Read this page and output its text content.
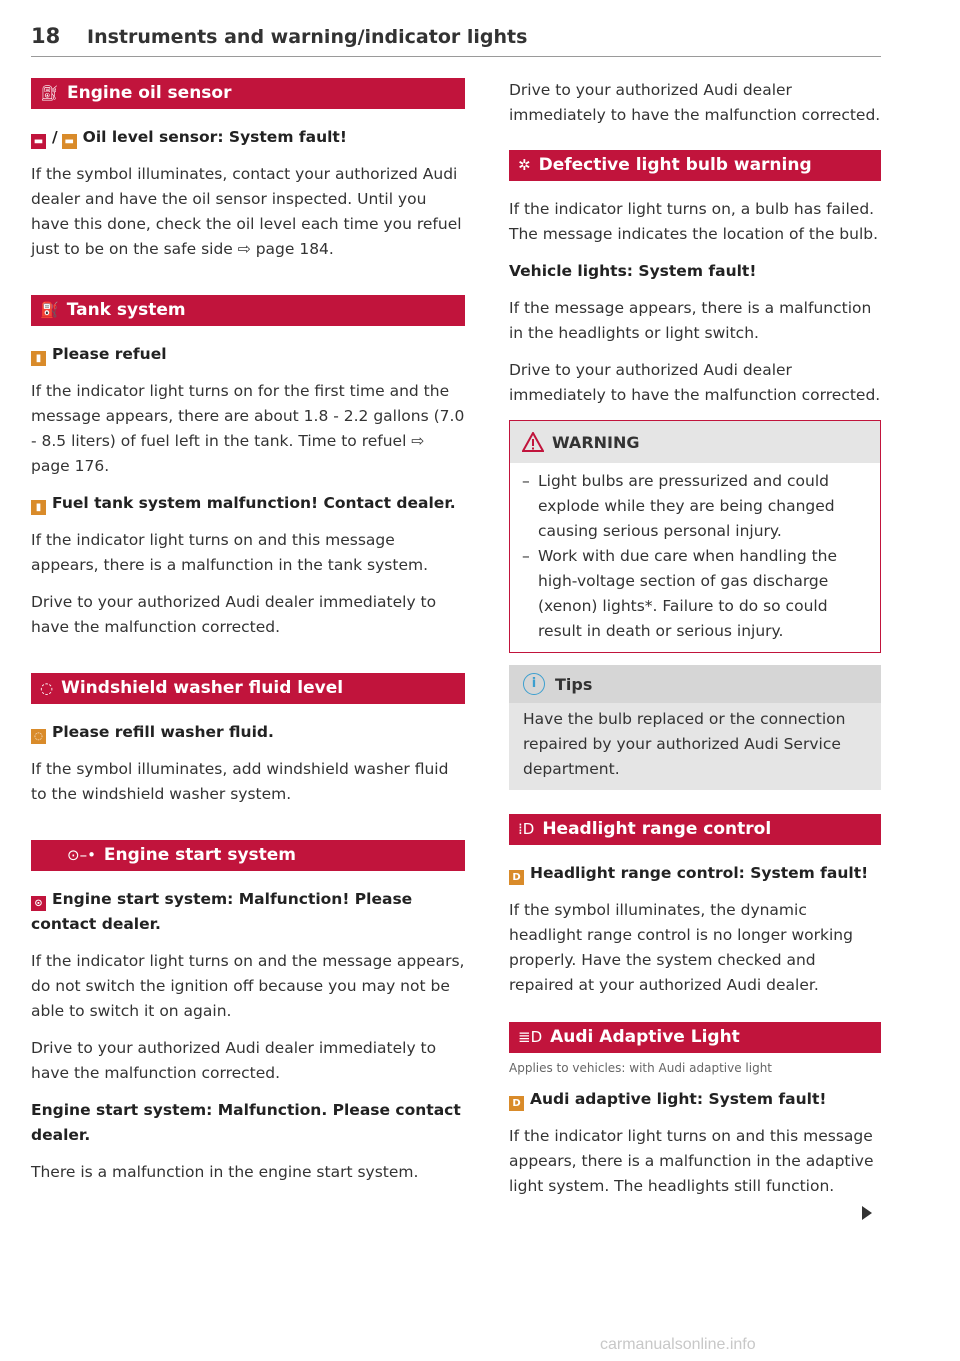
18 Instruments and warning/indicator lights
⛽︎ Engine oil sensor

▬ / ▬ Oil level sensor: System fault!

If the symbol illuminates, contact your authorized Audi dealer and have the oil sensor inspected. Until you have this done, check the oil level each time you refuel just to be on the safe side ⇨ page 184.

⛽ Tank system

▮ Please refuel

If the indicator light turns on for the first time and the message appears, there are about 1.8 - 2.2 gallons (7.0 - 8.5 liters) of fuel left in the tank. Time to refuel ⇨ page 176.

▮ Fuel tank system malfunction! Contact dealer.

If the indicator light turns on and this message appears, there is a malfunction in the tank system.

Drive to your authorized Audi dealer immediately to have the malfunction corrected.

◌ Windshield washer fluid level

◌ Please refill washer fluid.

If the symbol illuminates, add windshield washer fluid to the windshield washer system.

⊙–• Engine start system

⊙ Engine start system: Malfunction! Please contact dealer.

If the indicator light turns on and the message appears, do not switch the ignition off because you may not be able to switch it on again.

Drive to your authorized Audi dealer immediately to have the malfunction corrected.

Engine start system: Malfunction. Please contact dealer.

There is a malfunction in the engine start system.

Drive to your authorized Audi dealer immediately to have the malfunction corrected.

✲ Defective light bulb warning

If the indicator light turns on, a bulb has failed. The message indicates the location of the bulb.

Vehicle lights: System fault!

If the message appears, there is a malfunction in the headlights or light switch.

Drive to your authorized Audi dealer immediately to have the malfunction corrected.

WARNING
– Light bulbs are pressurized and could explode while they are being changed causing serious personal injury.
– Work with due care when handling the high-voltage section of gas discharge (xenon) lights*. Failure to do so could result in death or serious injury.
i	Tips
Have the bulb replaced or the connection repaired by your authorized Audi Service department.
⁞D Headlight range control

D Headlight range control: System fault!

If the symbol illuminates, the dynamic headlight range control is no longer working properly. Have the system checked and repaired at your authorized Audi dealer.

≣D Audi Adaptive Light

Applies to vehicles: with Audi adaptive light

D Audi adaptive light: System fault!

If the indicator light turns on and this message appears, there is a malfunction in the adaptive light system. The headlights still function.

carmanualsonline.info
